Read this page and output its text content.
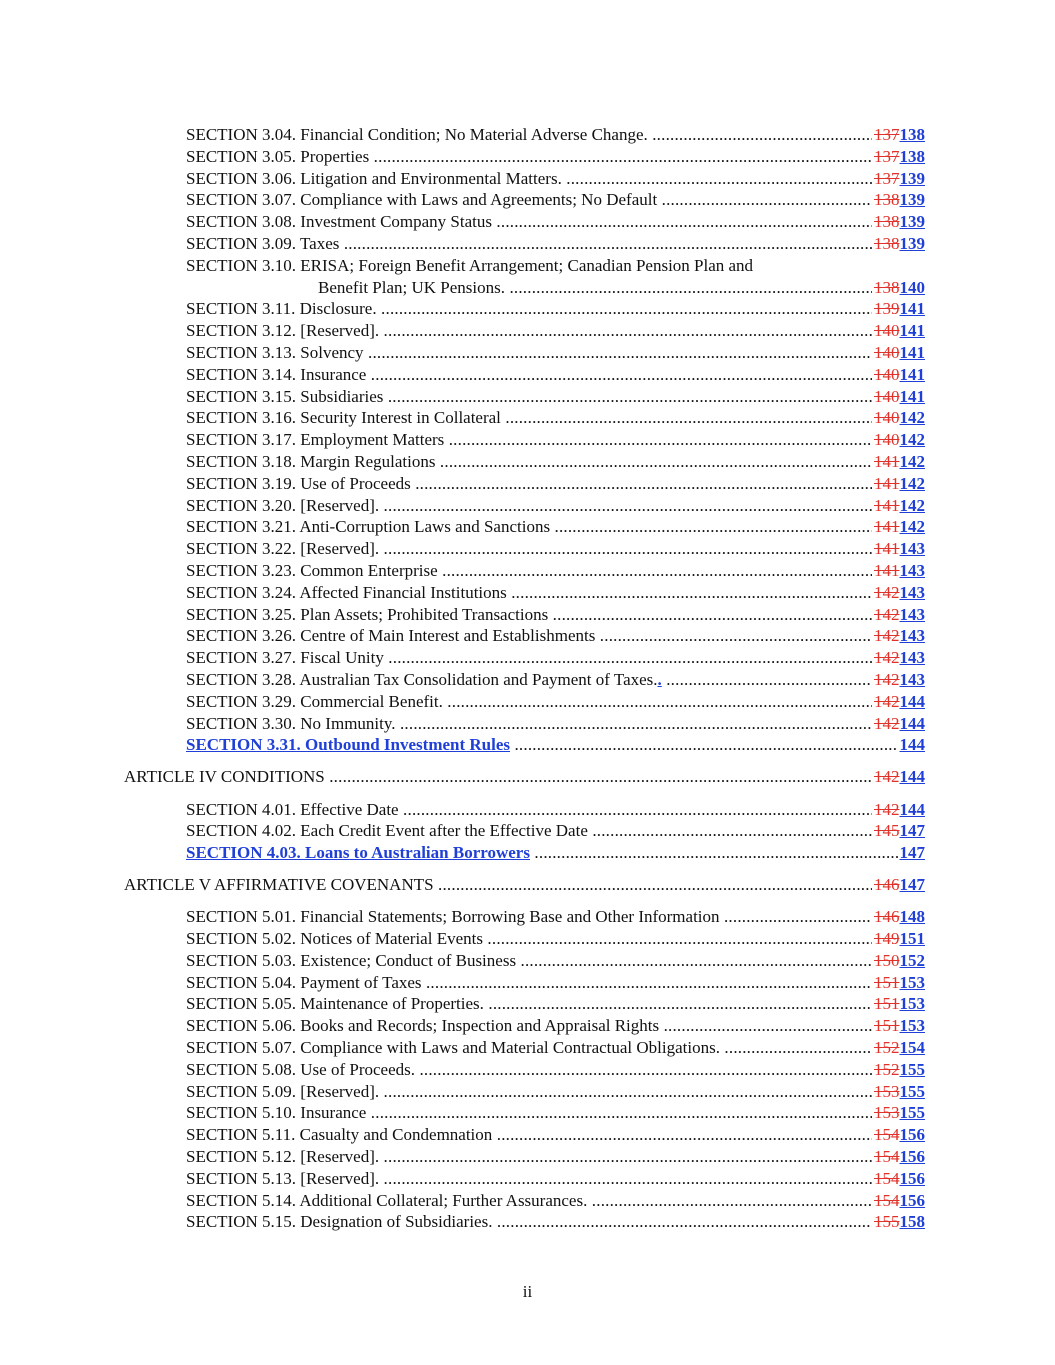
SECTION 3.04. Financial Condition; No Material Adverse Change. .....	137138
SECTION 3.05. Properties .....	137138
SECTION 3.06. Litigation and Environmental Matters. .....	137139
SECTION 3.07. Compliance with Laws and Agreements; No Default .....	138139
SECTION 3.08. Investment Company Status .....	138139
SECTION 3.09. Taxes .....	138139
SECTION 3.10. ERISA; Foreign Benefit Arrangement; Canadian Pension Plan and
Benefit Plan; UK Pensions. .....	138140
SECTION 3.11. Disclosure. .....	139141
SECTION 3.12. [Reserved]. .....	140141
SECTION 3.13. Solvency .....	140141
SECTION 3.14. Insurance .....	140141
SECTION 3.15. Subsidiaries .....	140141
SECTION 3.16. Security Interest in Collateral .....	140142
SECTION 3.17. Employment Matters .....	140142
SECTION 3.18. Margin Regulations .....	141142
SECTION 3.19. Use of Proceeds .....	141142
SECTION 3.20. [Reserved]. .....	141142
SECTION 3.21. Anti-Corruption Laws and Sanctions .....	141142
SECTION 3.22. [Reserved]. .....	141143
SECTION 3.23. Common Enterprise .....	141143
SECTION 3.24. Affected Financial Institutions .....	142143
SECTION 3.25. Plan Assets; Prohibited Transactions .....	142143
SECTION 3.26. Centre of Main Interest and Establishments .....	142143
SECTION 3.27. Fiscal Unity .....	142143
SECTION 3.28. Australian Tax Consolidation and Payment of Taxes.. .....	142143
SECTION 3.29. Commercial Benefit. .....	142144
SECTION 3.30. No Immunity. .....	142144
SECTION 3.31. Outbound Investment Rules .....	144
ARTICLE IV CONDITIONS .....	142144
SECTION 4.01. Effective Date .....	142144
SECTION 4.02. Each Credit Event after the Effective Date .....	145147
SECTION 4.03. Loans to Australian Borrowers .....	147
ARTICLE V AFFIRMATIVE COVENANTS .....	146147
SECTION 5.01. Financial Statements; Borrowing Base and Other Information .....	146148
SECTION 5.02. Notices of Material Events .....	149151
SECTION 5.03. Existence; Conduct of Business .....	150152
SECTION 5.04. Payment of Taxes .....	151153
SECTION 5.05. Maintenance of Properties. .....	151153
SECTION 5.06. Books and Records; Inspection and Appraisal Rights .....	151153
SECTION 5.07. Compliance with Laws and Material Contractual Obligations. .....	152154
SECTION 5.08. Use of Proceeds. .....	152155
SECTION 5.09. [Reserved]. .....	153155
SECTION 5.10. Insurance .....	153155
SECTION 5.11. Casualty and Condemnation .....	154156
SECTION 5.12. [Reserved]. .....	154156
SECTION 5.13. [Reserved]. .....	154156
SECTION 5.14. Additional Collateral; Further Assurances. .....	154156
SECTION 5.15. Designation of Subsidiaries. .....	155158
ii
